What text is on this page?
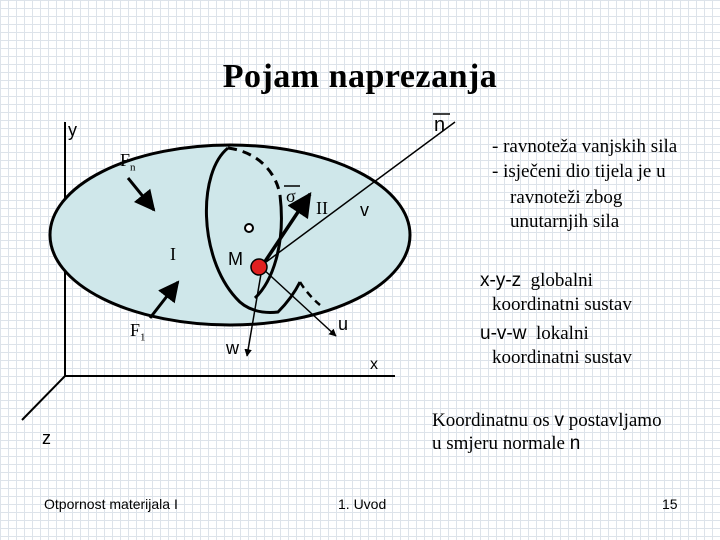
Pojam naprezanja
y
z
x
n
$F_n$
$F_1$
$\sigma_n$
I
II
M
v
u
w
- ravnoteža vanjskih sila
- isječeni dio tijela je u
ravnoteži zbog
unutarnjih sila
x-y-z globalni
koordinatni sustav
u-v-w lokalni
koordinatni sustav
Koordinatnu os v postavljamo
u smjeru normale n
Otpornost materijala I	1. Uvod	15
